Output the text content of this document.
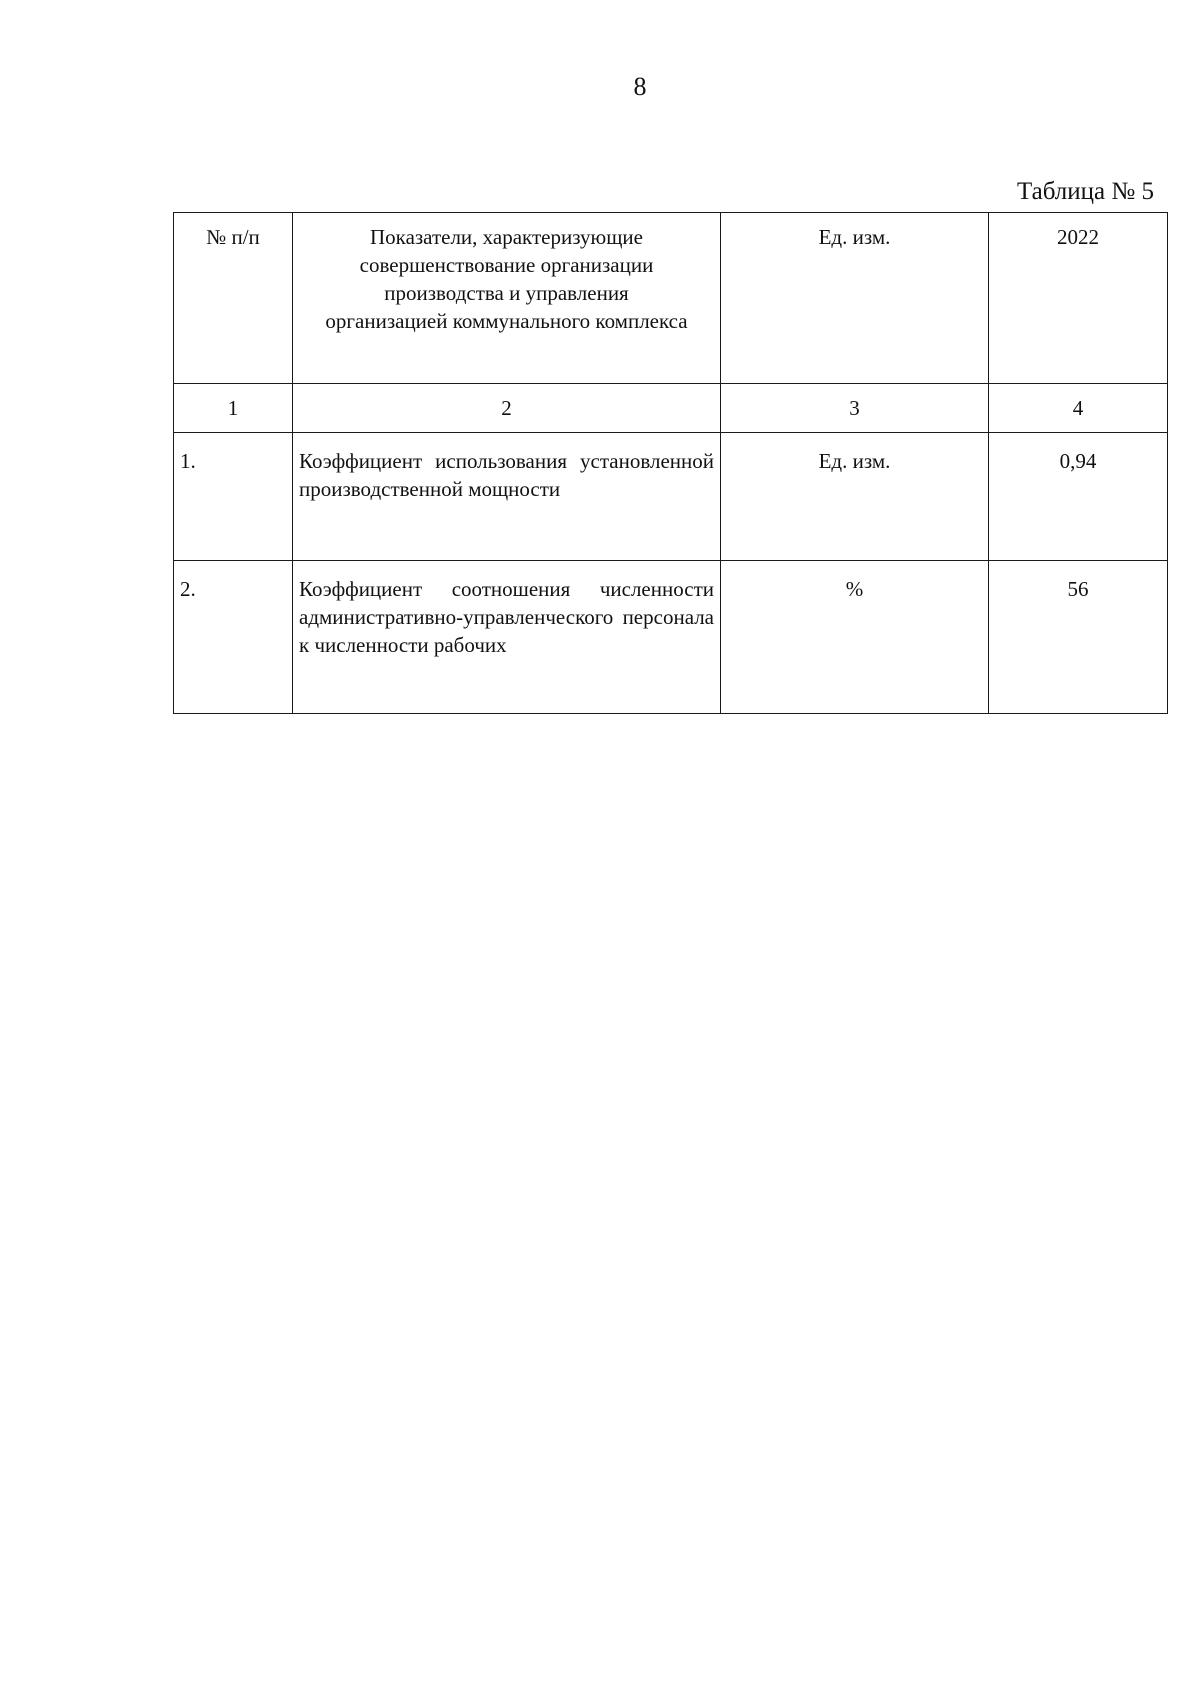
8
Таблица № 5
№ п/п	Показатели, характеризующие совершенствование организации производства и управления организацией коммунального комплекса	Ед. изм.	2022
1	2	3	4
1.	Коэффициент использования установленной производственной мощности	Ед. изм.	0,94
2.	Коэффициент соотношения численности административно-управленческого персонала к численности рабочих	%	56
